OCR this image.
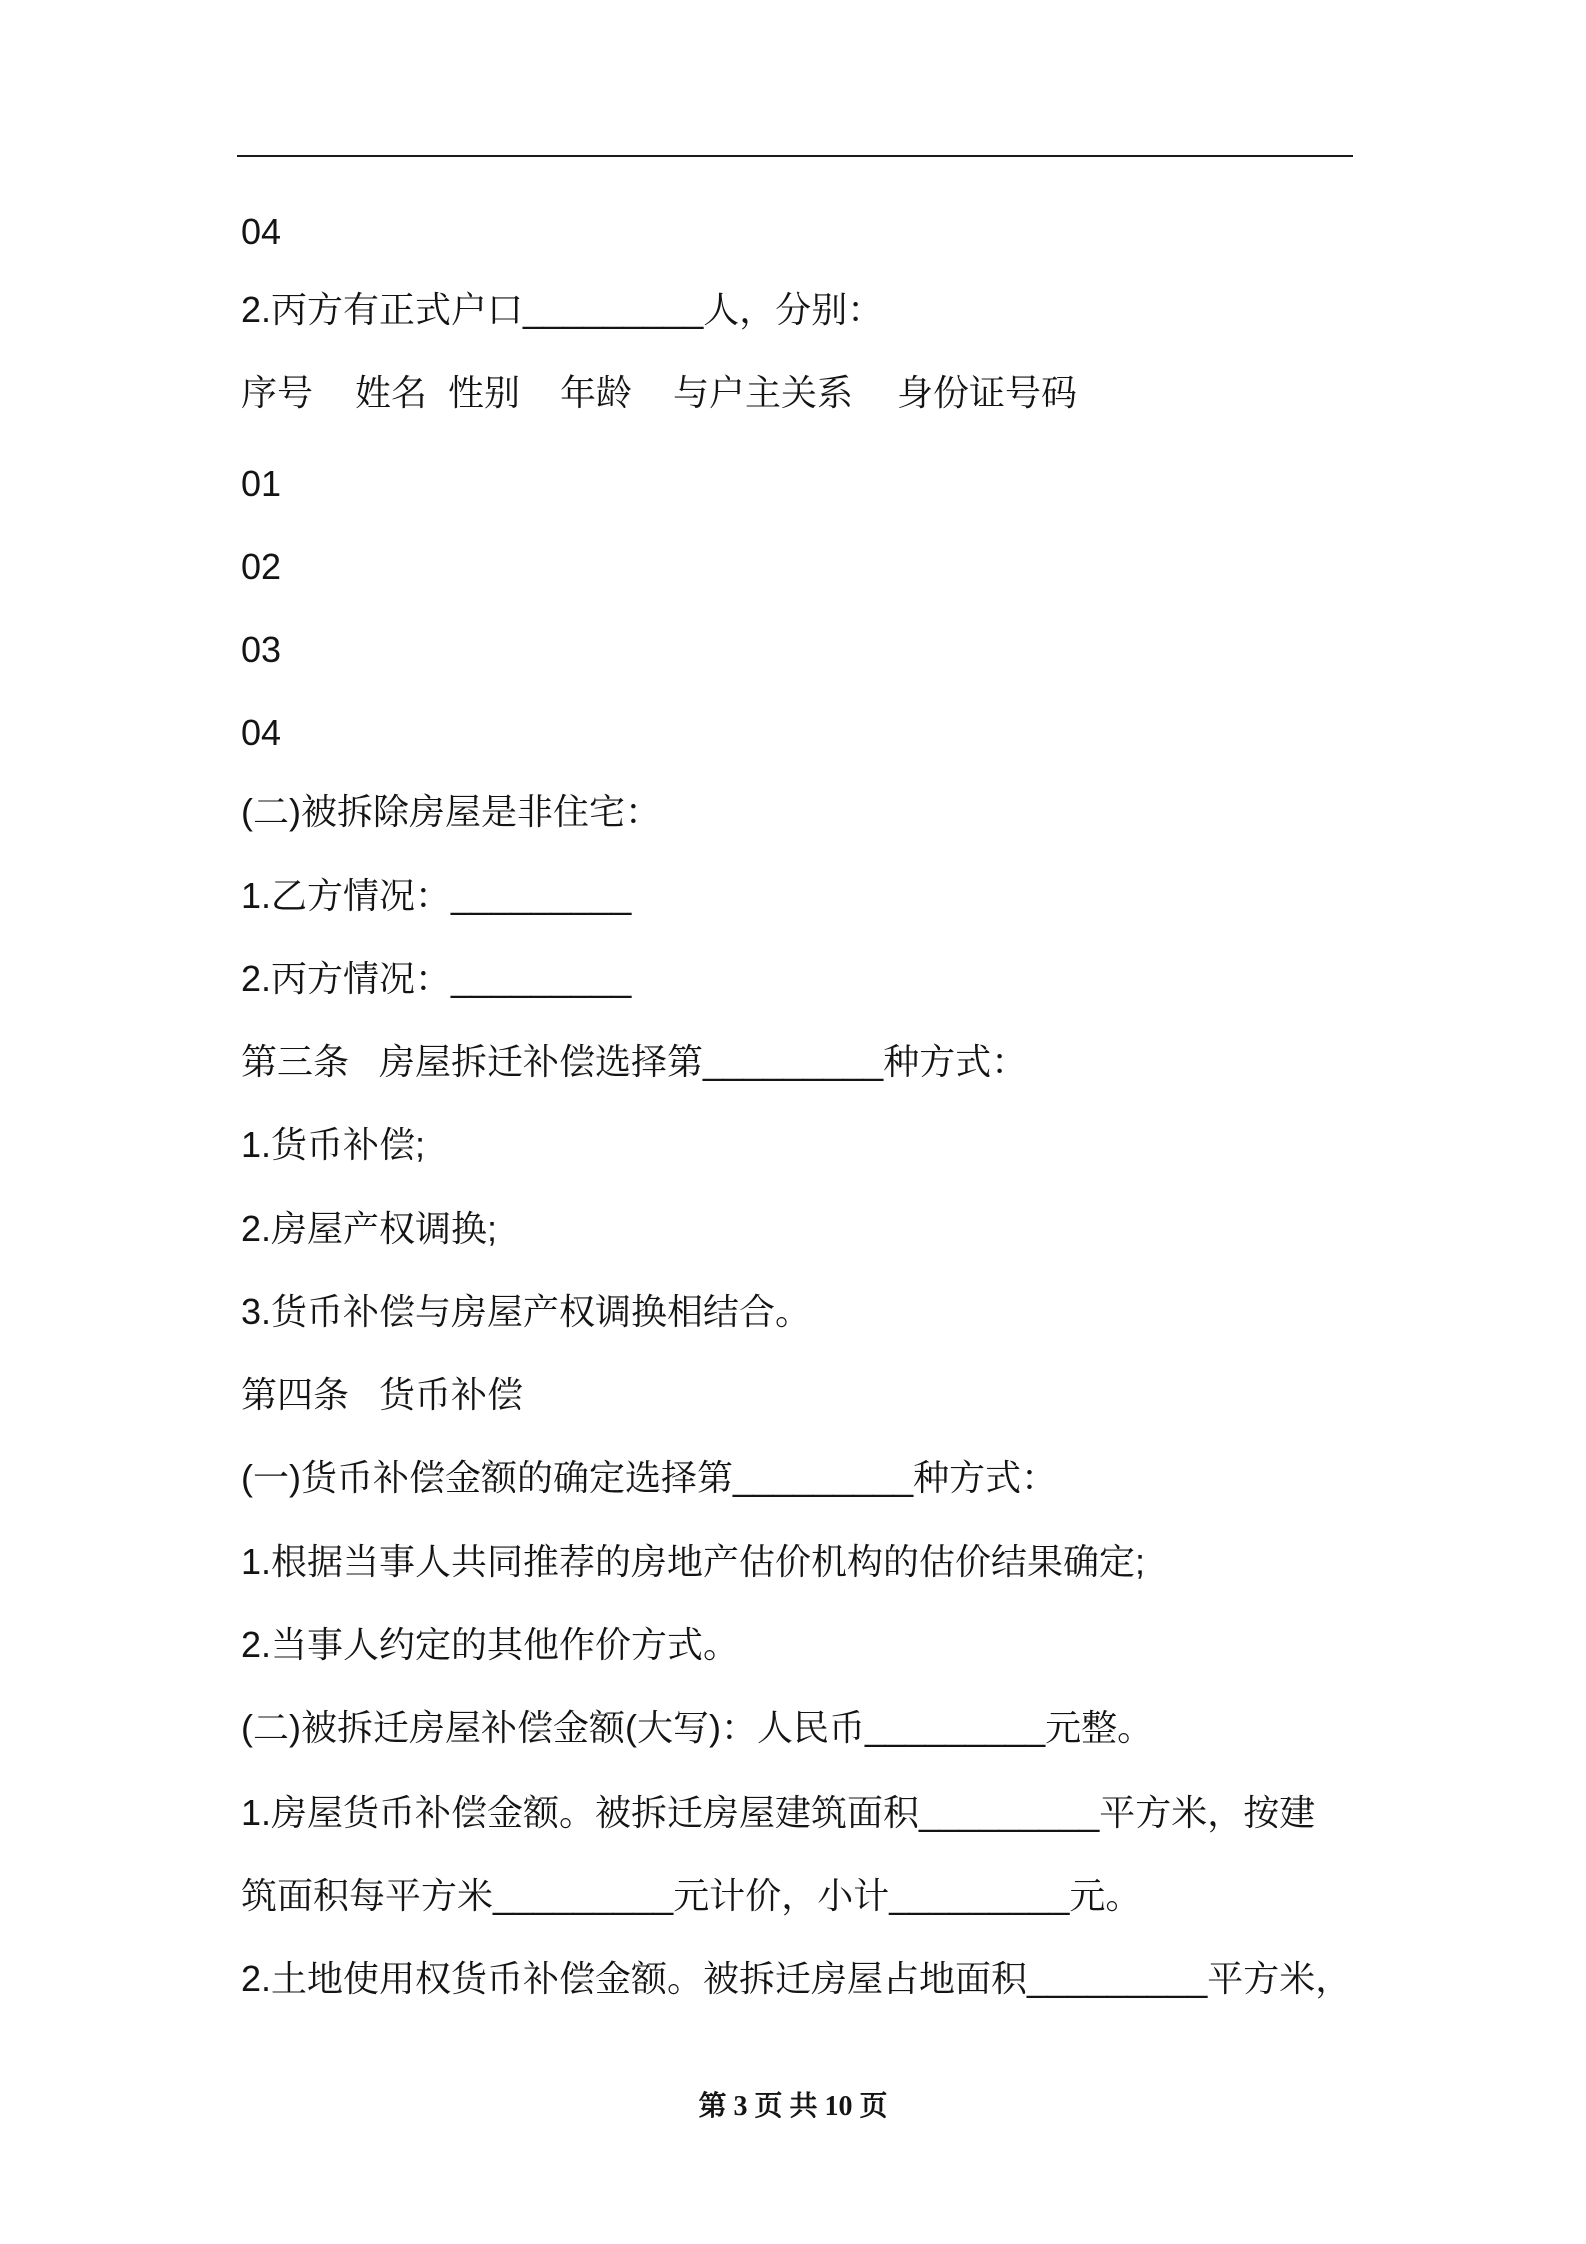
04
2.丙方有正式户口_________人，分别：

序号

姓名

性别

年龄

与户主关系

身份证号码

01
02
03
04
(二)被拆除房屋是非住宅：
1.乙方情况：_________
2.丙方情况：_________
第三条   房屋拆迁补偿选择第_________种方式：
1.货币补偿;
2.房屋产权调换;
3.货币补偿与房屋产权调换相结合。
第四条   货币补偿
(一)货币补偿金额的确定选择第_________种方式：
1.根据当事人共同推荐的房地产估价机构的估价结果确定;
2.当事人约定的其他作价方式。
(二)被拆迁房屋补偿金额(大写)：人民币_________元整。
1.房屋货币补偿金额。被拆迁房屋建筑面积_________平方米，按建
筑面积每平方米_________元计价，小计_________元。
2.土地使用权货币补偿金额。被拆迁房屋占地面积_________平方米，
第 3 页 共 10 页
